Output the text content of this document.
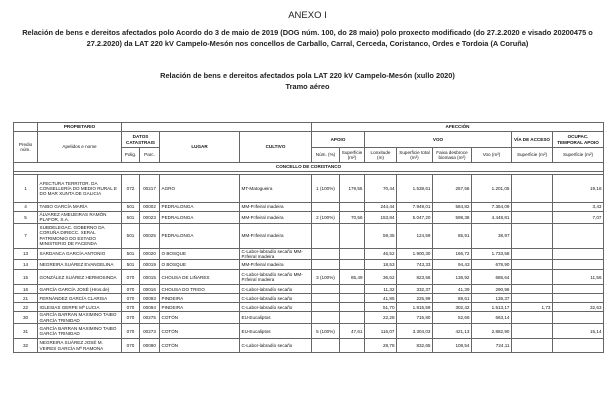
ANEXO I
Relación de bens e dereitos afectados polo Acordo do 3 de maio de 2019 (DOG núm. 100, do 28 maio) polo proxecto modificado (do 27.2.2020 e visado 20200475 o 27.2.2020) da LAT 220 kV Campelo-Mesón nos concellos de Carballo, Carral, Cerceda, Coristanco, Ordes e Tordoia (A Coruña)
Relación de bens e dereitos afectados pola LAT 220 kV Campelo-Mesón (xullo 2020)
Tramo aéreo
	PROPIETARIO					AFECCIÓN							
Predio núm.	Apelidos e nome	DATOS CATASTRAIS		LUGAR	CULTIVO	APOIO		VOO				VÍA DE ACCESO	OCUPAC. TEMPORAL APOIO
		Polig.	Parc.			Núm. (%)	Superficie (m²)	Lonxitude (m)	Superficie total (m²)	Faixa desbroce biomasa (m²)	Voo (m²)	Superficie (m²)	Superficie (m²)
CONCELLO DE CORISTANCO													

1	AFECTURA TERRITOR. DA CONSELLERÍA DO MEDIO RURAL E DO MAR XUNTA DE GALICIA	072	00217	AGRO	MT-Matogueira	1 (100%)	179,55	70,44	1.538,61	257,56	1.201,05		19,18
4	TAIBO GARCÍA MARÍA	501	00002	PEDRALONGA	MM-P.Ifeiral madeira			244,44	7.949,01	584,82	7.364,09		3,43
5	ÁLVAREZ AMEIJEIRAS RAMÓN PLAFOR, S.A.	501	00023	PEDRALONGA	MM-P.Ifeiral madeira	2 (100%)	70,56	153,84	5.047,20	598,38	4.448,81		7,07
7	SUBDELEGAC. GOBERNO DA CORUÑA DIRECC. XERAL PATRIMONIO DO ESTADO MINISTERIO DE FACENDA	501	00025	PEDRALONGA	MM-P.Ifeiral madeira			59,35	124,59	85,91	38,97		
13	SARDANCA GARCÍA ANTONIO	501	00020	O BOSQUE	C-Labor-labradío secaño MM-P.Ifeiral madeira			46,52	1.900,30	166,72	1.733,58		
14	NEGREIRA SUÁREZ EVANGELINA	501	00019	O BOSQUE	MM-P.Ifeiral madeira			18,53	743,33	94,43	678,90		
15	GONZÁLEZ SUÁREZ HERMOSINDA	070	00015	CHOUSA DE LIÑARES	C-Labor-labradío secaño MM-P.Ifeiral madeira	3 (100%)	85,49	36,62	823,56	136,92	686,64		11,56
16	GARCÍA GARCÍA JOSÉ (Hros.de)	070	00016	CHOUSA DO TRIGO	C-Labor-labradío secaño			11,32	332,37	41,39	290,96		
21	FERNÁNDEZ GARCÍA CLARISA	070	00093	PINDEIRA	C-Labor-labradío secaño			41,85	225,99	89,61	136,37		
22	IGLESIAS GERPE Mª LUCIA	070	00094	PINDEIRA	C-Labor-labradío secaño			51,70	1.815,59	302,42	1.513,17	1,73	32,63
30	GARCÍA BARRAN MAXIMINO TAIBO GARCÍA TRINIDAD	070	00275	COTÓN	EU-Eucaliptos			22,28	715,80	52,66	663,14		
31	GARCÍA BARRAN MAXIMINO TAIBO GARCÍA TRINIDAD	070	00273	COTÓN	EU-Eucaliptos	5 (100%)	47,61	116,07	3.304,03	421,13	2.882,90		15,14
32	NEGREIRA SUÁREZ JOSÉ M. VEIRES GARCÍA Mª RAMONA	070	00090	COTÓN	C-Labor-labradío secaño			28,78	832,65	108,54	724,11		
